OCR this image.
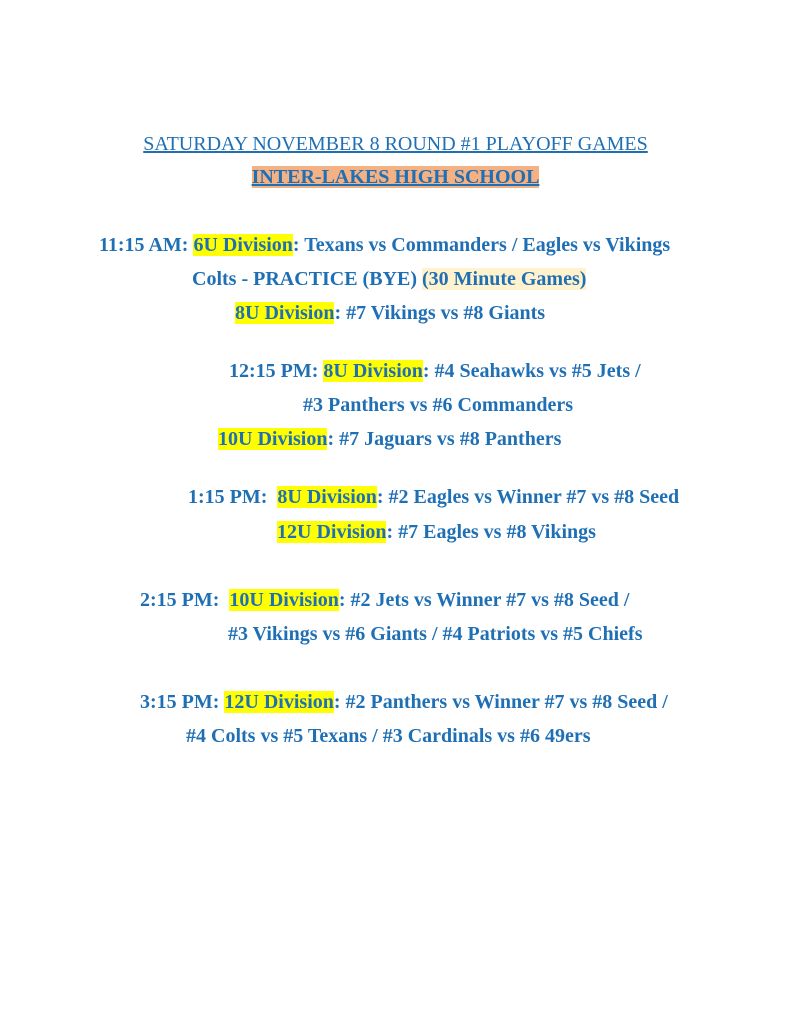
SATURDAY NOVEMBER 8 ROUND #1 PLAYOFF GAMES
INTER-LAKES HIGH SCHOOL
11:15 AM: 6U Division: Texans vs Commanders / Eagles vs Vikings
Colts - PRACTICE (BYE) (30 Minute Games)
8U Division: #7 Vikings vs #8 Giants
12:15 PM: 8U Division: #4 Seahawks vs #5 Jets /
#3 Panthers vs #6 Commanders
10U Division: #7 Jaguars vs #8 Panthers
1:15 PM: 8U Division: #2 Eagles vs Winner #7 vs #8 Seed
12U Division: #7 Eagles vs #8 Vikings
2:15 PM: 10U Division: #2 Jets vs Winner #7 vs #8 Seed /
#3 Vikings vs #6 Giants / #4 Patriots vs #5 Chiefs
3:15 PM: 12U Division: #2 Panthers vs Winner #7 vs #8 Seed /
#4 Colts vs #5 Texans / #3 Cardinals vs #6 49ers
